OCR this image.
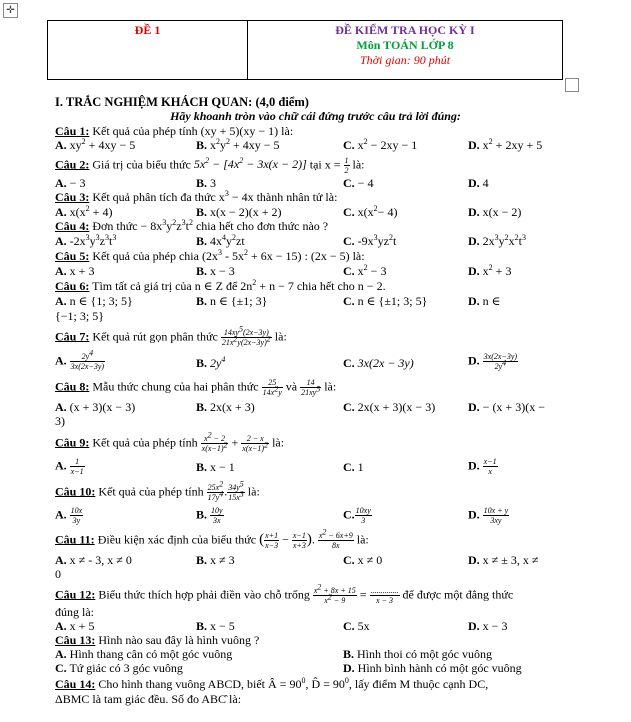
✛
ĐỀ 1	ĐỀ KIỂM TRA HỌC KỲ I
Môn TOÁN LỚP 8
Thời gian: 90 phút
I. TRẮC NGHIỆM KHÁCH QUAN: (4,0 điểm)
Hãy khoanh tròn vào chữ cái đứng trước câu trả lời đúng:
Câu 1: Kết quả của phép tính (xy + 5)(xy − 1) là:
A. $xy^2 + 4xy - 5$	B. $x^2y^2 + 4xy - 5$	C. $x^2 - 2xy - 1$	D. $x^2 + 2xy + 5$
Câu 2: Giá trị của biểu thức $5x^2 - [4x^2 - 3x(x - 2)]$ tại $x = \frac{1}{2}$ là:
A. − 3	B. 3	C. − 4	D. 4
Câu 3: Kết quả phân tích đa thức $x^3 - 4x$ thành nhân tử là:
A. $x(x^2 + 4)$	B. x(x − 2)(x + 2)	C. $x(x^2- 4)$	D. x(x − 2)
Câu 4: Đơn thức − $8x^3y^2z^3t^2$ chia hết cho đơn thức nào ?
A. $-2x^3y^3z^3t^3$	B. $4x^4y^2zt$	C. $-9x^3yz^2t$	D. $2x^3y^2x^2t^3$
Câu 5: Kết quả của phép chia $(2x^3 - 5x^2 + 6x - 15)$ : (2x − 5) là:
A. x + 3	B. x − 3	C. $x^2 - 3$	D. $x^2 + 3$
Câu 6: Tìm tất cả giá trị của n ∈ Z để $2n^2 + n - 7$ chia hết cho n − 2.
A. n ∈ {1; 3; 5}	B. n ∈ {±1; 3}	C. n ∈ {±1; 3; 5}	D. n ∈
{−1; 3; 5}
Câu 7: Kết quả rút gọn phân thức $\frac{14xy^5(2x-3y)}{21x^2y(2x-3y)^2}$ là:
A. $\frac{2y^4}{3x(2x-3y)}$	B. $2y^4$	C. 3x(2x − 3y)	D. $\frac{3x(2x-3y)}{2y^4}$
Câu 8: Mẫu thức chung của hai phân thức $\frac{25}{14x^2y}$ và $\frac{14}{21xy^5}$ là:
A. (x + 3)(x − 3)	B. 2x(x + 3)	C. 2x(x + 3)(x − 3)	D. − (x + 3)(x −
3)
Câu 9: Kết quả của phép tính $\frac{x^2 - 2}{x(x-1)^2} + \frac{2 - x}{x(x-1)^2}$ là:
A. $\frac{1}{x-1}$	B. x − 1	C. 1	D. $\frac{x-1}{x}$
Câu 10: Kết quả của phép tính $\frac{25x^2}{17y^4}$ . $\frac{34y^5}{15x^3}$ là:
A. $\frac{10x}{3y}$	B. $\frac{10y}{3x}$	C. $\frac{10xy}{3}$	D. $\frac{10x + y}{3xy}$
Câu 11: Điều kiện xác định của biểu thức ( $\frac{x+1}{x-3} - \frac{x-1}{x+3}$ ). $\frac{x^2 - 6x+9}{8x}$ là:
A. x ≠ - 3, x ≠ 0	B. x ≠ 3	C. x ≠ 0	D. x ≠ ± 3, x ≠
0
Câu 12: Biểu thức thích hợp phải điền vào chỗ trống $\frac{x^2 + 8x + 15}{x^2 - 9} = \frac{..............}{x - 3}$ để được một đẳng thức
đúng là:
A. x + 5	B. x − 5	C. 5x	D. x − 3
Câu 13: Hình nào sau đây là hình vuông ?
A. Hình thang cân có một góc vuông	B. Hình thoi có một góc vuông
C. Tứ giác có 3 góc vuông	D. Hình bình hành có một góc vuông
Câu 14: Cho hình thang vuông ABCD, biết Â = $90^0$, D̂ = $90^0$, lấy điểm M thuộc cạnh DC,
ΔBMC là tam giác đều. Số đo ABC̑ là:
